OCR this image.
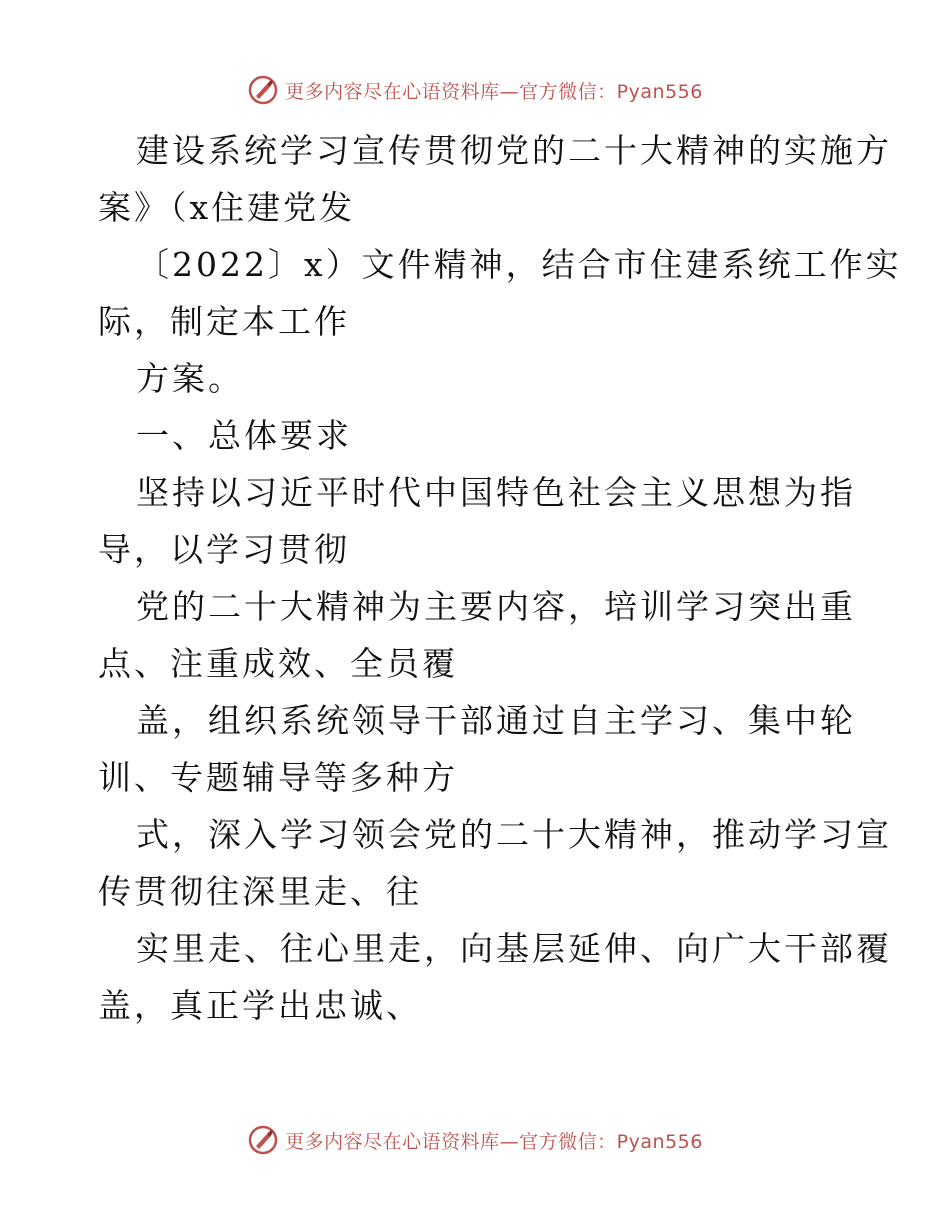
更多内容尽在心语资料库—官方微信：Pyan556
建设系统学习宣传贯彻党的二十大精神的实施方
案》（x住建党发
〔2022〕x）文件精神，结合市住建系统工作实
际，制定本工作
方案。
一、总体要求
坚持以习近平时代中国特色社会主义思想为指
导，以学习贯彻
党的二十大精神为主要内容，培训学习突出重
点、注重成效、全员覆
盖，组织系统领导干部通过自主学习、集中轮
训、专题辅导等多种方
式，深入学习领会党的二十大精神，推动学习宣
传贯彻往深里走、往
实里走、往心里走，向基层延伸、向广大干部覆
盖，真正学出忠诚、
更多内容尽在心语资料库—官方微信：Pyan556
